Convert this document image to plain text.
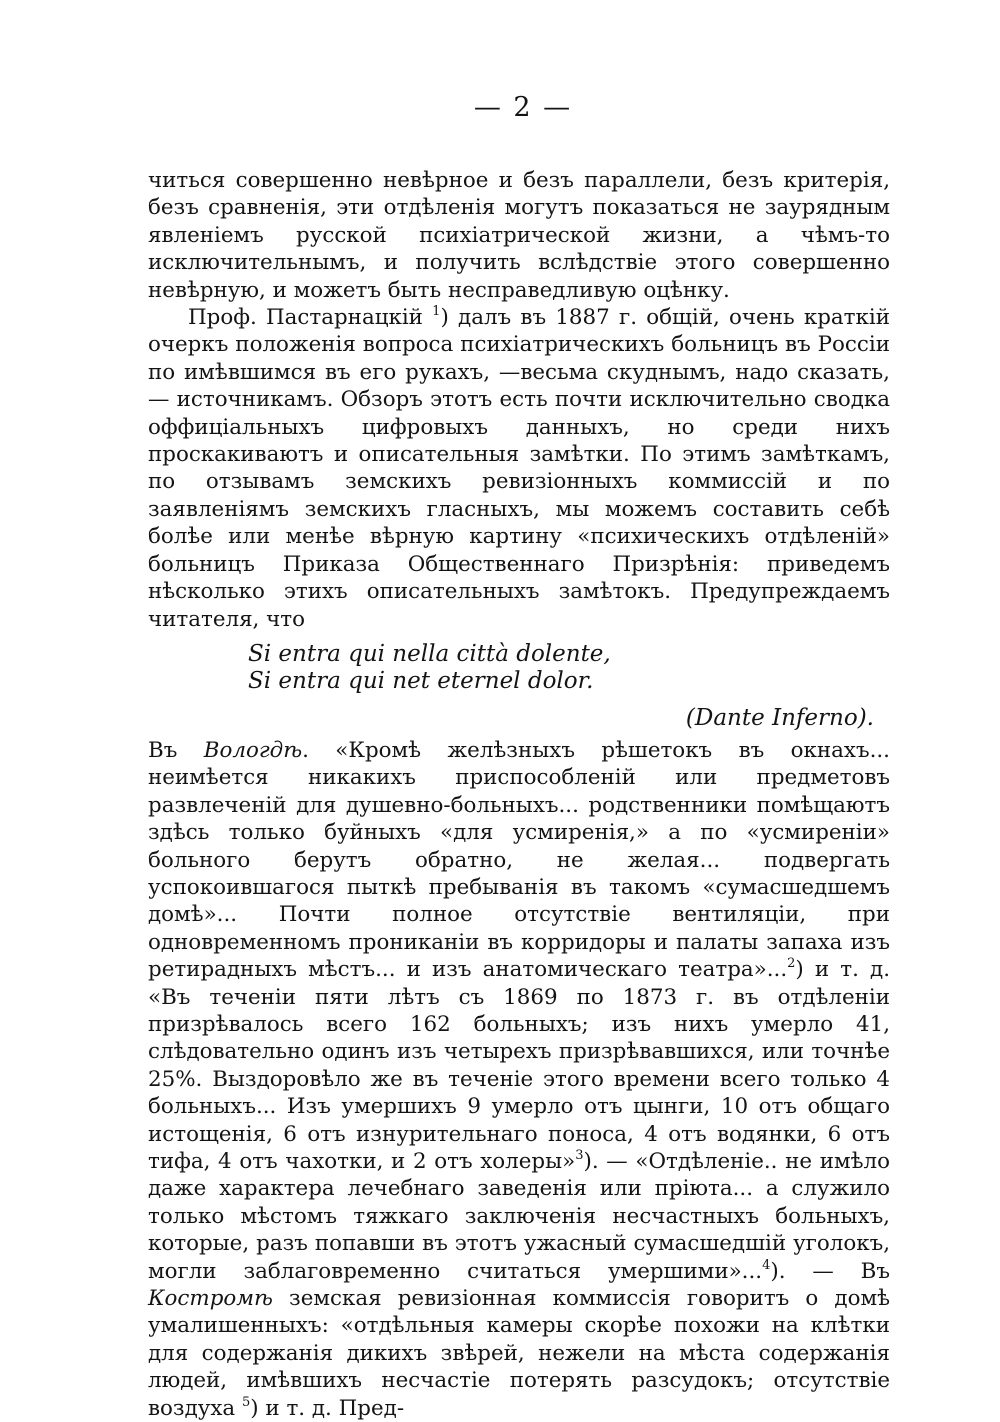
— 2 —

читься совершенно невѣрное и безъ параллели, безъ критерія, безъ сравненія, эти отдѣленія могутъ показаться не заурядным явленіемъ русской психіатрической жизни, а чѣмъ-то исключительнымъ, и получить вслѣдствіе этого совершенно невѣрную, и можетъ быть несправедливую оцѣнку.

Проф. Пастарнацкій $^1$) далъ въ 1887 г. общій, очень краткій очеркъ положенія вопроса психіатрическихъ больницъ въ Россіи по имѣвшимся въ его рукахъ, —весьма скуднымъ, надо сказать, — источникамъ. Обзоръ этотъ есть почти исключительно сводка оффиціальныхъ цифровыхъ данныхъ, но среди нихъ проскакиваютъ и описательныя замѣтки. По этимъ замѣткамъ, по отзывамъ земскихъ ревизіонныхъ коммиссій и по заявленіямъ земскихъ гласныхъ, мы можемъ составить себѣ болѣе или менѣе вѣрную картину «психическихъ отдѣленій» больницъ Приказа Общественнаго Призрѣнія: приведемъ нѣсколько этихъ описательныхъ замѣтокъ. Предупреждаемъ читателя, что

Si entra qui nella città dolente,
Si entra qui net eternel dolor.
(Dante Inferno).

Въ Вологдѣ. «Кромѣ желѣзныхъ рѣшетокъ въ окнахъ... неимѣется никакихъ приспособленій или предметовъ развлеченій для душевно-больныхъ... родственники помѣщаютъ здѣсь только буйныхъ «для усмиренія,» а по «усмиреніи» больного берутъ обратно, не желая... подвергать успокоившагося пыткѣ пребыванія въ такомъ «сумасшедшемъ домѣ»... Почти полное отсутствіе вентиляціи, при одновременномъ прониканіи въ корридоры и палаты запаха изъ ретирадныхъ мѣстъ... и изъ анатомическаго театра»...$^2$) и т. д. «Въ теченіи пяти лѣтъ съ 1869 по 1873 г. въ отдѣленіи призрѣвалось всего 162 больныхъ; изъ нихъ умерло 41, слѣдовательно одинъ изъ четырехъ призрѣвавшихся, или точнѣе 25%. Выздоровѣло же въ теченіе этого времени всего только 4 больныхъ... Изъ умершихъ 9 умерло отъ цынги, 10 отъ общаго истощенія, 6 отъ изнурительнаго поноса, 4 отъ водянки, 6 отъ тифа, 4 отъ чахотки, и 2 отъ холеры»$^3$). — «Отдѣленіе.. не имѣло даже характера лечебнаго заведенія или пріюта... а служило только мѣстомъ тяжкаго заключенія несчастныхъ больныхъ, которые, разъ попавши въ этотъ ужасный сумасшедшій уголокъ, могли заблаговременно считаться умершими»...$^4$). — Въ Костромѣ земская ревизіонная коммиссія говоритъ о домѣ умалишенныхъ: «отдѣльныя камеры скорѣе похожи на клѣтки для содержанія дикихъ звѣрей, нежели на мѣста содержанія людей, имѣвшихъ несчастіе потерять разсудокъ; отсутствіе воздуха $^5$) и т. д. Пред-
